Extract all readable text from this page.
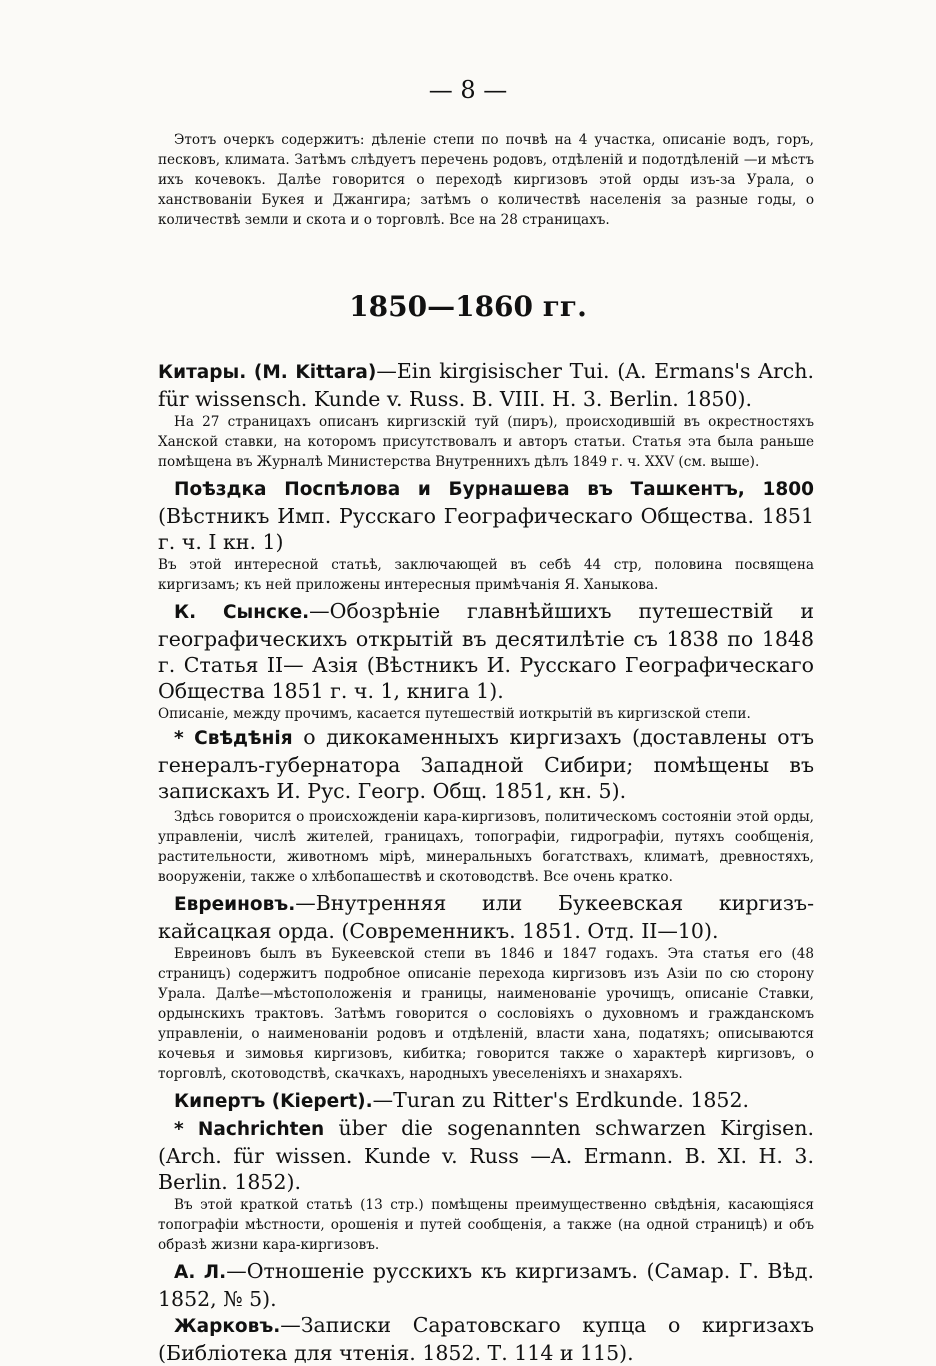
— 8 —

Этотъ очеркъ содержитъ: дѣленіе степи по почвѣ на 4 участка, описаніе водъ, горъ, песковъ, климата. Затѣмъ слѣдуетъ перечень родовъ, отдѣленій и подотдѣленій —и мѣстъ ихъ кочевокъ. Далѣе говорится о переходѣ киргизовъ этой орды изъ-за Урала, о ханствованіи Букея и Джангира; затѣмъ о количествѣ населенія за разные годы, о количествѣ земли и скота и о торговлѣ. Все на 28 страницахъ.

1850—1860 гг.

Китары. (M. Kittara)—Ein kirgisischer Tui. (A. Ermans's Arch. für wissensch. Kunde v. Russ. B. VIII. H. 3. Berlin. 1850).

На 27 страницахъ описанъ киргизскій туй (пиръ), происходившій въ окрестностяхъ Ханской ставки, на которомъ присутствовалъ и авторъ статьи. Статья эта была раньше помѣщена въ Журналѣ Министерства Внутреннихъ дѣлъ 1849 г. ч. XXV (см. выше).

Поѣздка Поспѣлова и Бурнашева въ Ташкентъ, 1800 (Вѣстникъ Имп. Русскаго Географическаго Общества. 1851 г. ч. I кн. 1)

Въ этой интересной статьѣ, заключающей въ себѣ 44 стр, половина посвящена киргизамъ; къ ней приложены интересныя примѣчанія Я. Ханыкова.

К. Сынске.—Обозрѣніе главнѣйшихъ путешествій и географическихъ открытій въ десятилѣтіе съ 1838 по 1848 г. Статья II— Азія (Вѣстникъ И. Русскаго Географическаго Общества 1851 г. ч. 1, книга 1).

Описаніе, между прочимъ, касается путешествій иоткрытій въ киргизской степи.

* Свѣдѣнія о дикокаменныхъ киргизахъ (доставлены отъ генералъ-губернатора Западной Сибири; помѣщены въ запискахъ И. Рус. Геогр. Общ. 1851, кн. 5).

Здѣсь говорится о происхожденіи кара-киргизовъ, политическомъ состояніи этой орды, управленіи, числѣ жителей, границахъ, топографіи, гидрографіи, путяхъ сообщенія, растительности, животномъ мірѣ, минеральныхъ богатствахъ, климатѣ, древностяхъ, вооруженіи, также о хлѣбопашествѣ и скотоводствѣ. Все очень кратко.

Евреиновъ.—Внутренняя или Букеевская киргизъ-кайсацкая орда. (Современникъ. 1851. Отд. II—10).

Евреиновъ былъ въ Букеевской степи въ 1846 и 1847 годахъ. Эта статья его (48 страницъ) содержитъ подробное описаніе перехода киргизовъ изъ Азіи по сю сторону Урала. Далѣе—мѣстоположенія и границы, наименованіе урочищъ, описаніе Ставки, ордынскихъ трактовъ. Затѣмъ говорится о сословіяхъ о духовномъ и гражданскомъ управленіи, о наименованіи родовъ и отдѣленій, власти хана, податяхъ; описываются кочевья и зимовья киргизовъ, кибитка; говорится также о характерѣ киргизовъ, о торговлѣ, скотоводствѣ, скачкахъ, народныхъ увеселеніяхъ и знахаряхъ.

Кипертъ (Kiepert).—Turan zu Ritter's Erdkunde. 1852.

* Nachrichten über die sogenannten schwarzen Kirgisen. (Arch. für wissen. Kunde v. Russ —A. Ermann. B. XI. H. 3. Berlin. 1852).

Въ этой краткой статьѣ (13 стр.) помѣщены преимущественно свѣдѣнія, касающіяся топографіи мѣстности, орошенія и путей сообщенія, а также (на одной страницѣ) и объ образѣ жизни кара-киргизовъ.

А. Л.—Отношеніе русскихъ къ киргизамъ. (Самар. Г. Вѣд. 1852, № 5).

Жарковъ.—Записки Саратовскаго купца о киргизахъ (Библіотека для чтенія. 1852. Т. 114 и 115).
